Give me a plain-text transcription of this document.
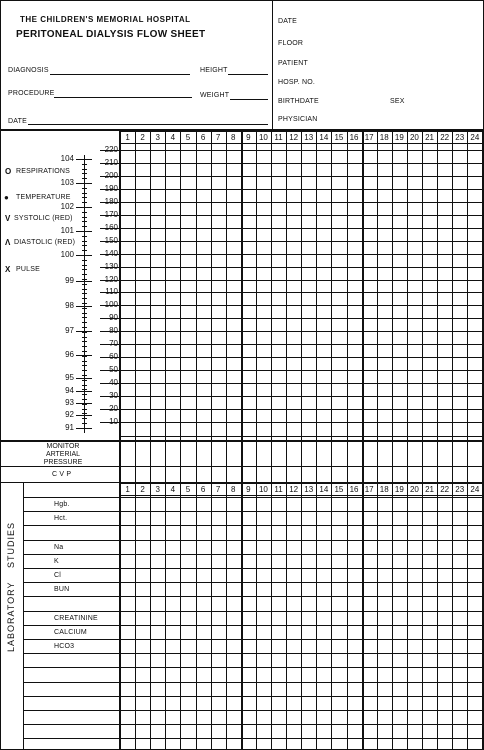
THE CHILDREN'S MEMORIAL HOSPITAL
PERITONEAL DIALYSIS FLOW SHEET
DIAGNOSIS	HEIGHT
PROCEDURE	WEIGHT
DATE
DATE
FLOOR
PATIENT
HOSP. NO.
BIRTHDATE	SEX
PHYSICIAN
1	2	3	4	5	6	7	8	9	10 11 12 13 14 15 16 17 18 19 20 21 22 23 24
O RESPIRATIONS
● TEMPERATURE
V SYSTOLIC (RED)
Λ DIASTOLIC (RED)
X PULSE
104
103
102
101
100
99
98
97
96
95
94
93
92
91
220
210
200
190
180
170
160
150
140
130
120
110
100
90
80
70
60
50
40
30
20
10
MONITOR ARTERIAL PRESSURE
C V P
1	2	3	4	5	6	7	8	9	10 11 12 13 14 15 16 17 18 19 20 21 22 23 24
LABORATORY
STUDIES
Hgb.
Hct.
Na
K
Cl
BUN
CREATININE
CALCIUM
HCO3
